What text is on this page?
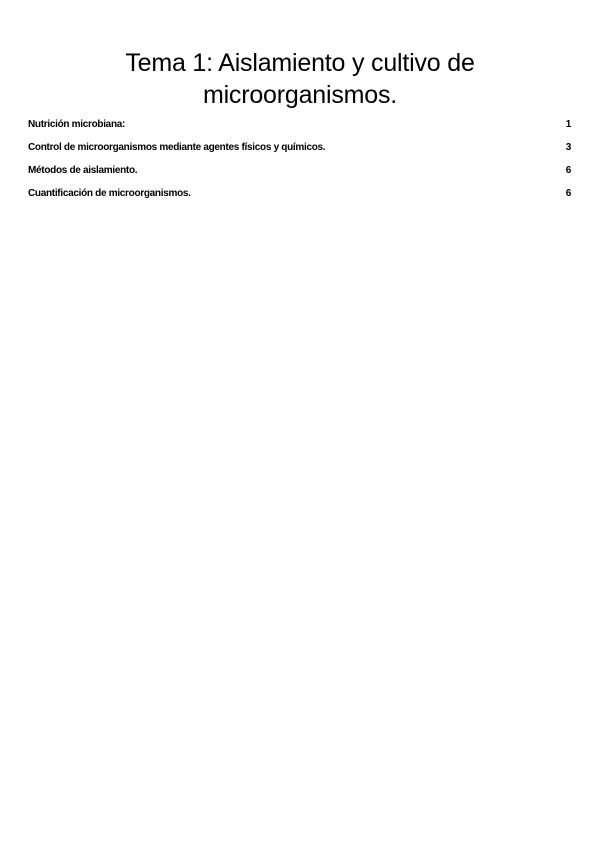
Tema 1: Aislamiento y cultivo de microorganismos.
Nutrición microbiana:	1
Control de microorganismos mediante agentes físicos y químicos.	3
Métodos de aislamiento.	6
Cuantificación de microorganismos.	6
